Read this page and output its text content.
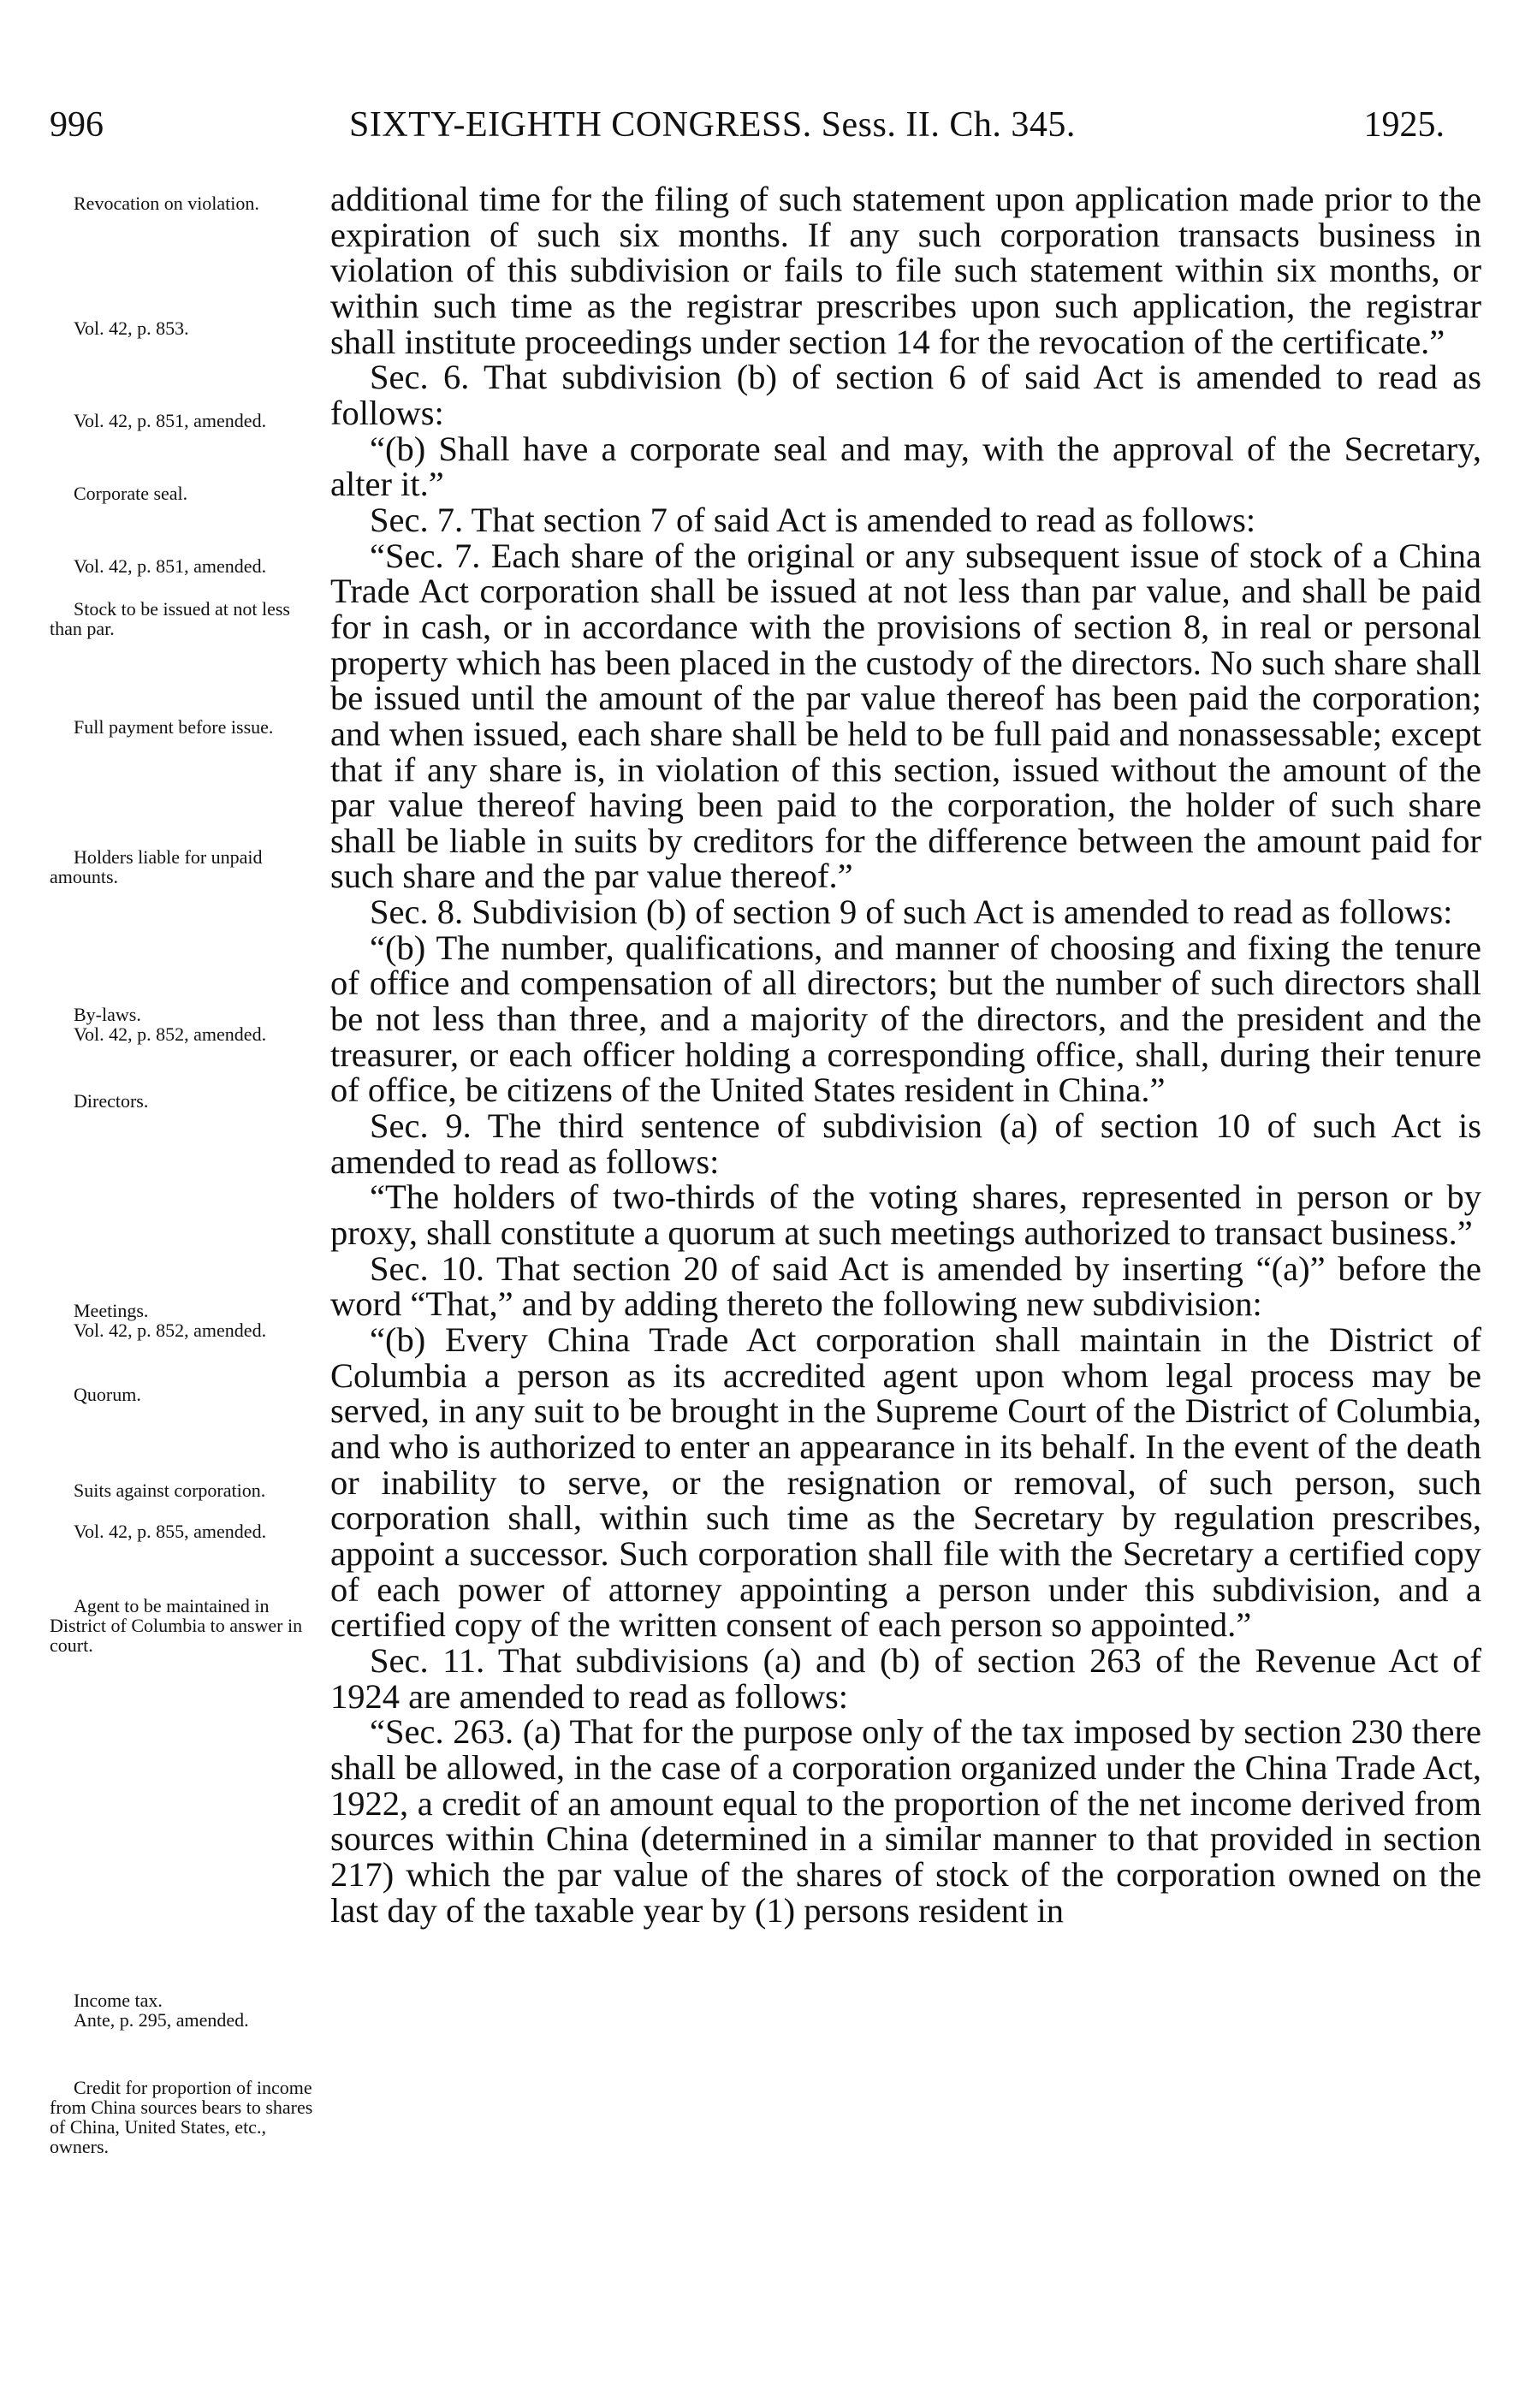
996	SIXTY-EIGHTH CONGRESS. Sess. II. Ch. 345.	1925.
Revocation on violation.
Vol. 42, p. 853.
Vol. 42, p. 851, amended.
Corporate seal.
Vol. 42, p. 851, amended.
Stock to be issued at not less than par.
Full payment before issue.
Holders liable for unpaid amounts.
By-laws.
Vol. 42, p. 852, amended.
Directors.
Meetings.
Vol. 42, p. 852, amended.
Quorum.
Suits against corporation.
Vol. 42, p. 855, amended.
Agent to be maintained in District of Columbia to answer in court.
Income tax.
Ante, p. 295, amended.
Credit for proportion of income from China sources bears to shares of China, United States, etc., owners.

additional time for the filing of such statement upon application made prior to the expiration of such six months. If any such corporation transacts business in violation of this subdivision or fails to file such statement within six months, or within such time as the registrar prescribes upon such application, the registrar shall institute proceedings under section 14 for the revocation of the certificate.”

Sec. 6. That subdivision (b) of section 6 of said Act is amended to read as follows:

“(b) Shall have a corporate seal and may, with the approval of the Secretary, alter it.”

Sec. 7. That section 7 of said Act is amended to read as follows:

“Sec. 7. Each share of the original or any subsequent issue of stock of a China Trade Act corporation shall be issued at not less than par value, and shall be paid for in cash, or in accordance with the provisions of section 8, in real or personal property which has been placed in the custody of the directors. No such share shall be issued until the amount of the par value thereof has been paid the corporation; and when issued, each share shall be held to be full paid and nonassessable; except that if any share is, in violation of this section, issued without the amount of the par value thereof having been paid to the corporation, the holder of such share shall be liable in suits by creditors for the difference between the amount paid for such share and the par value thereof.”

Sec. 8. Subdivision (b) of section 9 of such Act is amended to read as follows:

“(b) The number, qualifications, and manner of choosing and fixing the tenure of office and compensation of all directors; but the number of such directors shall be not less than three, and a majority of the directors, and the president and the treasurer, or each officer holding a corresponding office, shall, during their tenure of office, be citizens of the United States resident in China.”

Sec. 9. The third sentence of subdivision (a) of section 10 of such Act is amended to read as follows:

“The holders of two-thirds of the voting shares, represented in person or by proxy, shall constitute a quorum at such meetings authorized to transact business.”

Sec. 10. That section 20 of said Act is amended by inserting “(a)” before the word “That,” and by adding thereto the following new subdivision:

“(b) Every China Trade Act corporation shall maintain in the District of Columbia a person as its accredited agent upon whom legal process may be served, in any suit to be brought in the Supreme Court of the District of Columbia, and who is authorized to enter an appearance in its behalf. In the event of the death or inability to serve, or the resignation or removal, of such person, such corporation shall, within such time as the Secretary by regulation prescribes, appoint a successor. Such corporation shall file with the Secretary a certified copy of each power of attorney appointing a person under this subdivision, and a certified copy of the written consent of each person so appointed.”

Sec. 11. That subdivisions (a) and (b) of section 263 of the Revenue Act of 1924 are amended to read as follows:

“Sec. 263. (a) That for the purpose only of the tax imposed by section 230 there shall be allowed, in the case of a corporation organized under the China Trade Act, 1922, a credit of an amount equal to the proportion of the net income derived from sources within China (determined in a similar manner to that provided in section 217) which the par value of the shares of stock of the corporation owned on the last day of the taxable year by (1) persons resident in
